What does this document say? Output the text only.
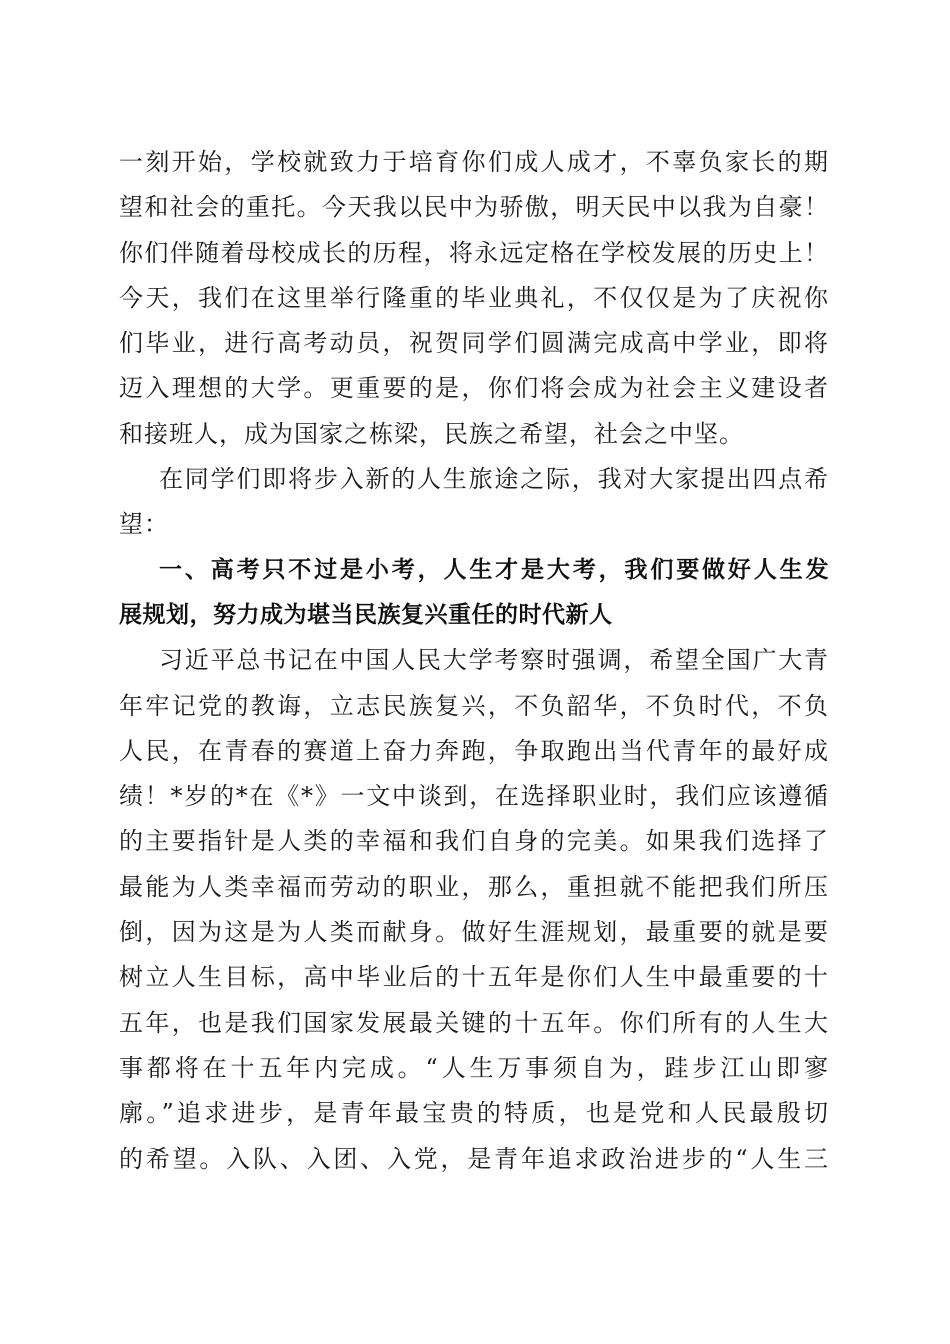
一刻开始，学校就致力于培育你们成人成才，不辜负家长的期
望和社会的重托。今天我以民中为骄傲，明天民中以我为自豪！
你们伴随着母校成长的历程，将永远定格在学校发展的历史上！
今天，我们在这里举行隆重的毕业典礼，不仅仅是为了庆祝你
们毕业，进行高考动员，祝贺同学们圆满完成高中学业，即将
迈入理想的大学。更重要的是，你们将会成为社会主义建设者
和接班人，成为国家之栋梁，民族之希望，社会之中坚。
在同学们即将步入新的人生旅途之际，我对大家提出四点希
望：
一、高考只不过是小考，人生才是大考，我们要做好人生发
展规划，努力成为堪当民族复兴重任的时代新人
习近平总书记在中国人民大学考察时强调，希望全国广大青
年牢记党的教诲，立志民族复兴，不负韶华，不负时代，不负
人民，在青春的赛道上奋力奔跑，争取跑出当代青年的最好成
绩！*岁的*在《*》一文中谈到，在选择职业时，我们应该遵循
的主要指针是人类的幸福和我们自身的完美。如果我们选择了
最能为人类幸福而劳动的职业，那么，重担就不能把我们所压
倒，因为这是为人类而献身。做好生涯规划，最重要的就是要
树立人生目标，高中毕业后的十五年是你们人生中最重要的十
五年，也是我们国家发展最关键的十五年。你们所有的人生大
事都将在十五年内完成。“人生万事须自为，跬步江山即寥
廓。”追求进步，是青年最宝贵的特质，也是党和人民最殷切
的希望。入队、入团、入党，是青年追求政治进步的“人生三
